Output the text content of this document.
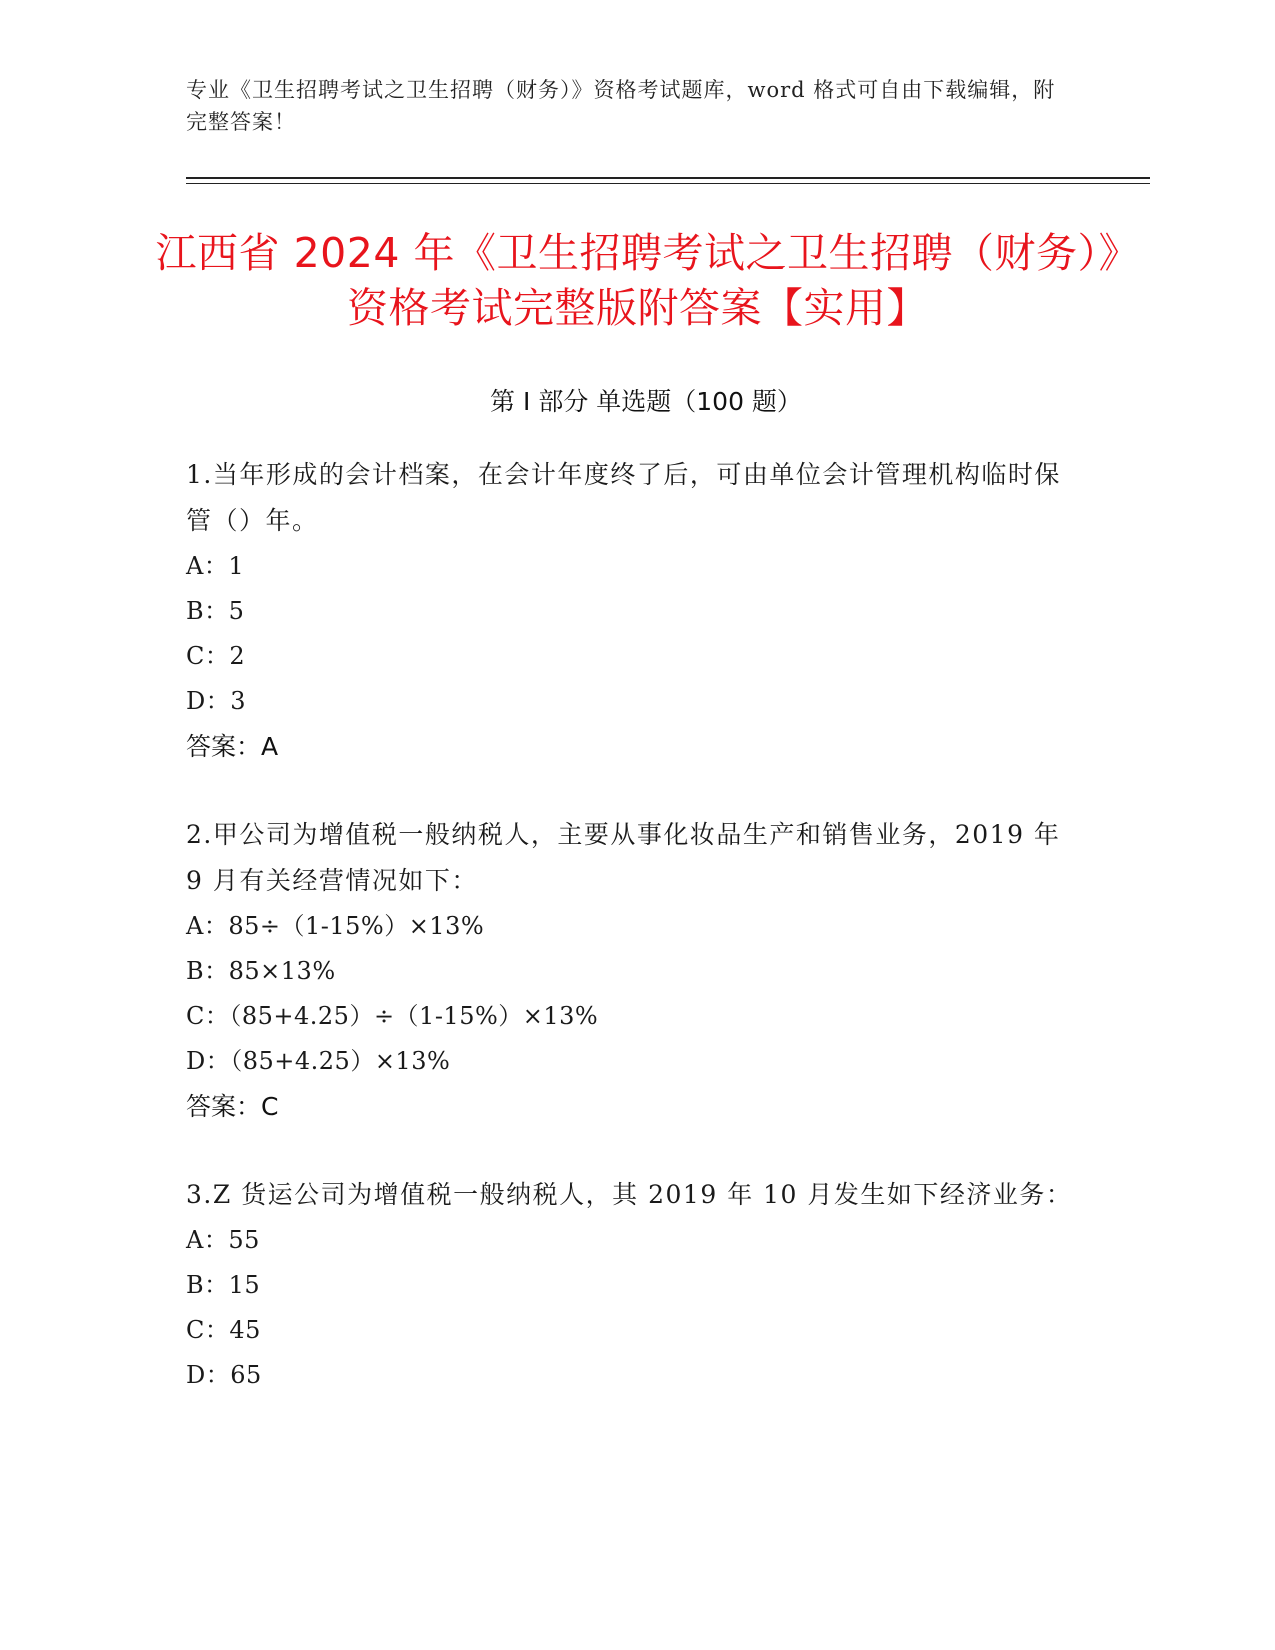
专业《卫生招聘考试之卫生招聘（财务）》资格考试题库，word 格式可自由下载编辑，附完整答案！
江西省 2024 年《卫生招聘考试之卫生招聘（财务）》资格考试完整版附答案【实用】
第 I 部分 单选题（100 题）

1.当年形成的会计档案，在会计年度终了后，可由单位会计管理机构临时保管（）年。

A：1

B：5

C：2

D：3

答案：A

2.甲公司为增值税一般纳税人，主要从事化妆品生产和销售业务，2019 年 9 月有关经营情况如下：

A：85÷（1-15%）×13%

B：85×13%

C：（85+4.25）÷（1-15%）×13%

D：（85+4.25）×13%

答案：C

3.Z 货运公司为增值税一般纳税人，其 2019 年 10 月发生如下经济业务：

A：55

B：15

C：45

D：65
